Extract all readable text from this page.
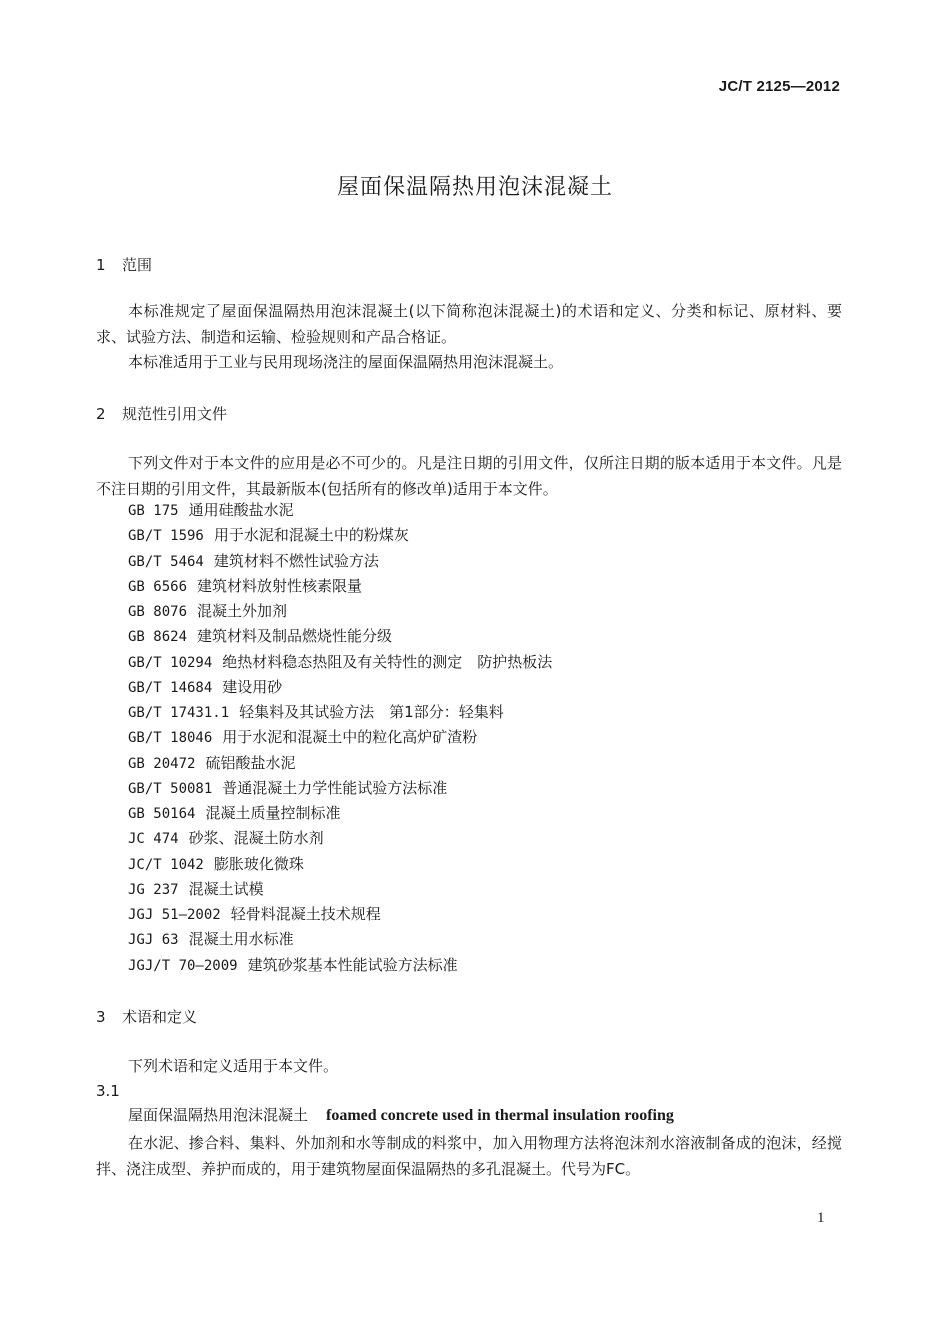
JC/T 2125—2012
屋面保温隔热用泡沫混凝土
1 范围
本标准规定了屋面保温隔热用泡沫混凝土(以下简称泡沫混凝土)的术语和定义、分类和标记、原材料、要求、试验方法、制造和运输、检验规则和产品合格证。
本标准适用于工业与民用现场浇注的屋面保温隔热用泡沫混凝土。
2 规范性引用文件
下列文件对于本文件的应用是必不可少的。凡是注日期的引用文件，仅所注日期的版本适用于本文件。凡是不注日期的引用文件，其最新版本(包括所有的修改单)适用于本文件。
GB 175 通用硅酸盐水泥
GB/T 1596 用于水泥和混凝土中的粉煤灰
GB/T 5464 建筑材料不燃性试验方法
GB 6566 建筑材料放射性核素限量
GB 8076 混凝土外加剂
GB 8624 建筑材料及制品燃烧性能分级
GB/T 10294 绝热材料稳态热阻及有关特性的测定　防护热板法
GB/T 14684 建设用砂
GB/T 17431.1 轻集料及其试验方法　第1部分：轻集料
GB/T 18046 用于水泥和混凝土中的粒化高炉矿渣粉
GB 20472 硫铝酸盐水泥
GB/T 50081 普通混凝土力学性能试验方法标准
GB 50164 混凝土质量控制标准
JC 474 砂浆、混凝土防水剂
JC/T 1042 膨胀玻化微珠
JG 237 混凝土试模
JGJ 51—2002 轻骨料混凝土技术规程
JGJ 63 混凝土用水标准
JGJ/T 70—2009 建筑砂浆基本性能试验方法标准
3 术语和定义
下列术语和定义适用于本文件。
3.1
屋面保温隔热用泡沫混凝土 foamed concrete used in thermal insulation roofing
在水泥、掺合料、集料、外加剂和水等制成的料浆中，加入用物理方法将泡沫剂水溶液制备成的泡沫，经搅拌、浇注成型、养护而成的，用于建筑物屋面保温隔热的多孔混凝土。代号为FC。
1
